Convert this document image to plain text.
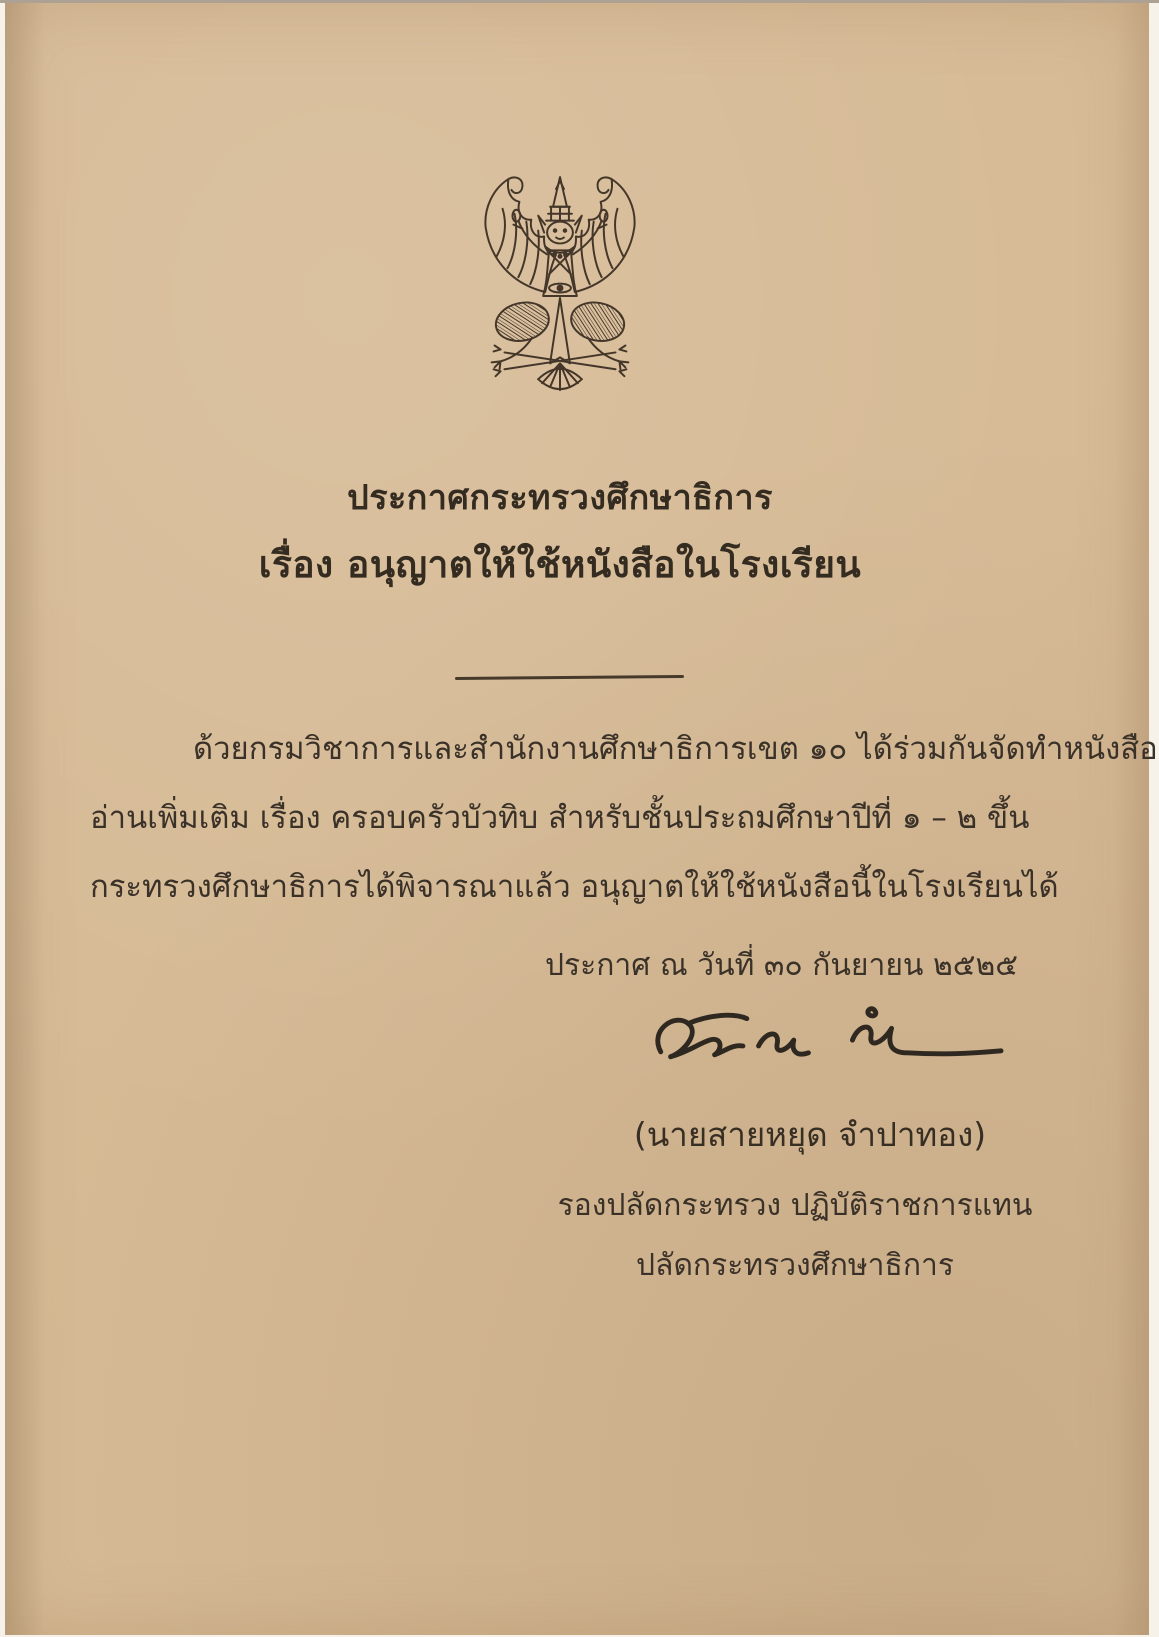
ประกาศกระทรวงศึกษาธิการ
เรื่อง อนุญาตให้ใช้หนังสือในโรงเรียน
ด้วยกรมวิชาการและสำนักงานศึกษาธิการเขต ๑๐ ได้ร่วมกันจัดทำหนังสือ
อ่านเพิ่มเติม เรื่อง ครอบครัวบัวทิบ สำหรับชั้นประถมศึกษาปีที่ ๑ – ๒ ขึ้น
กระทรวงศึกษาธิการได้พิจารณาแล้ว อนุญาตให้ใช้หนังสือนี้ในโรงเรียนได้
ประกาศ ณ วันที่ ๓๐ กันยายน ๒๕๒๕
(นายสายหยุด จำปาทอง)
รองปลัดกระทรวง ปฏิบัติราชการแทน
ปลัดกระทรวงศึกษาธิการ
